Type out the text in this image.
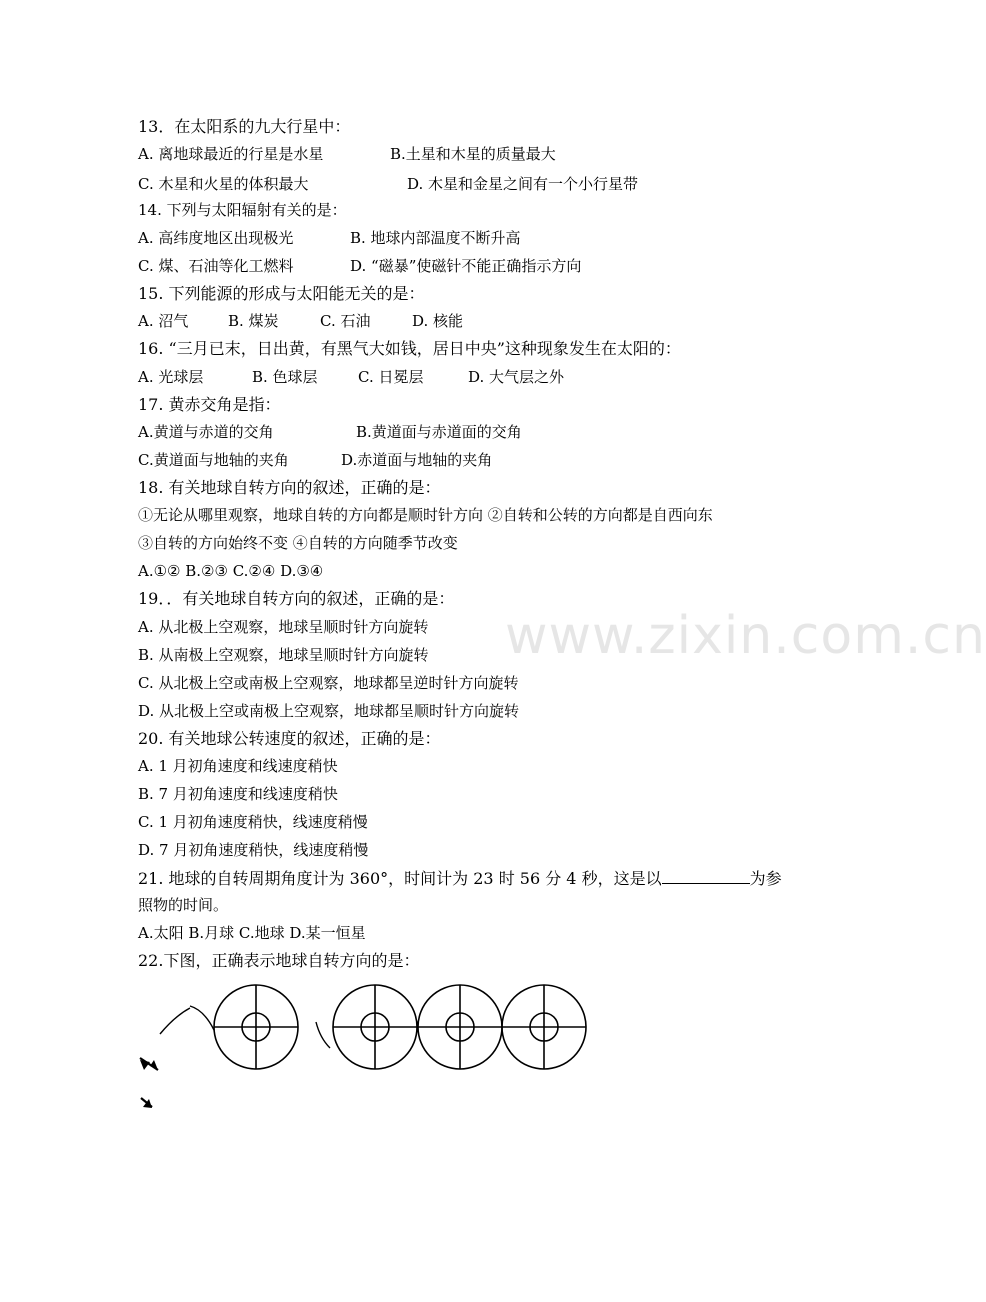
www.zixin.com.cn
13．在太阳系的九大行星中：
A. 离地球最近的行星是水星	B.土星和木星的质量最大
C. 木星和火星的体积最大	D. 木星和金星之间有一个小行星带
14. 下列与太阳辐射有关的是：
A. 高纬度地区出现极光	B. 地球内部温度不断升高
C. 煤、石油等化工燃料	D. “磁暴”使磁针不能正确指示方向
15. 下列能源的形成与太阳能无关的是：
A. 沼气	B. 煤炭	C. 石油	D. 核能
16. “三月已末，日出黄，有黑气大如钱，居日中央”这种现象发生在太阳的：
A. 光球层	B. 色球层	C. 日冕层	D. 大气层之外
17. 黄赤交角是指：
A.黄道与赤道的交角	B.黄道面与赤道面的交角
C.黄道面与地轴的夹角	D.赤道面与地轴的夹角
18. 有关地球自转方向的叙述，正确的是：
①无论从哪里观察，地球自转的方向都是顺时针方向 ②自转和公转的方向都是自西向东
③自转的方向始终不变 ④自转的方向随季节改变
A.①② B.②③ C.②④ D.③④
19．．有关地球自转方向的叙述，正确的是：
A. 从北极上空观察，地球呈顺时针方向旋转
B. 从南极上空观察，地球呈顺时针方向旋转
C. 从北极上空或南极上空观察，地球都呈逆时针方向旋转
D. 从北极上空或南极上空观察，地球都呈顺时针方向旋转
20. 有关地球公转速度的叙述，正确的是：
A. 1 月初角速度和线速度稍快
B. 7 月初角速度和线速度稍快
C. 1 月初角速度稍快，线速度稍慢
D. 7 月初角速度稍快，线速度稍慢
21. 地球的自转周期角度计为 360°，时间计为 23 时 56 分 4 秒，这是以	为参
照物的时间。
A.太阳 B.月球 C.地球 D.某一恒星
22.下图，正确表示地球自转方向的是：
